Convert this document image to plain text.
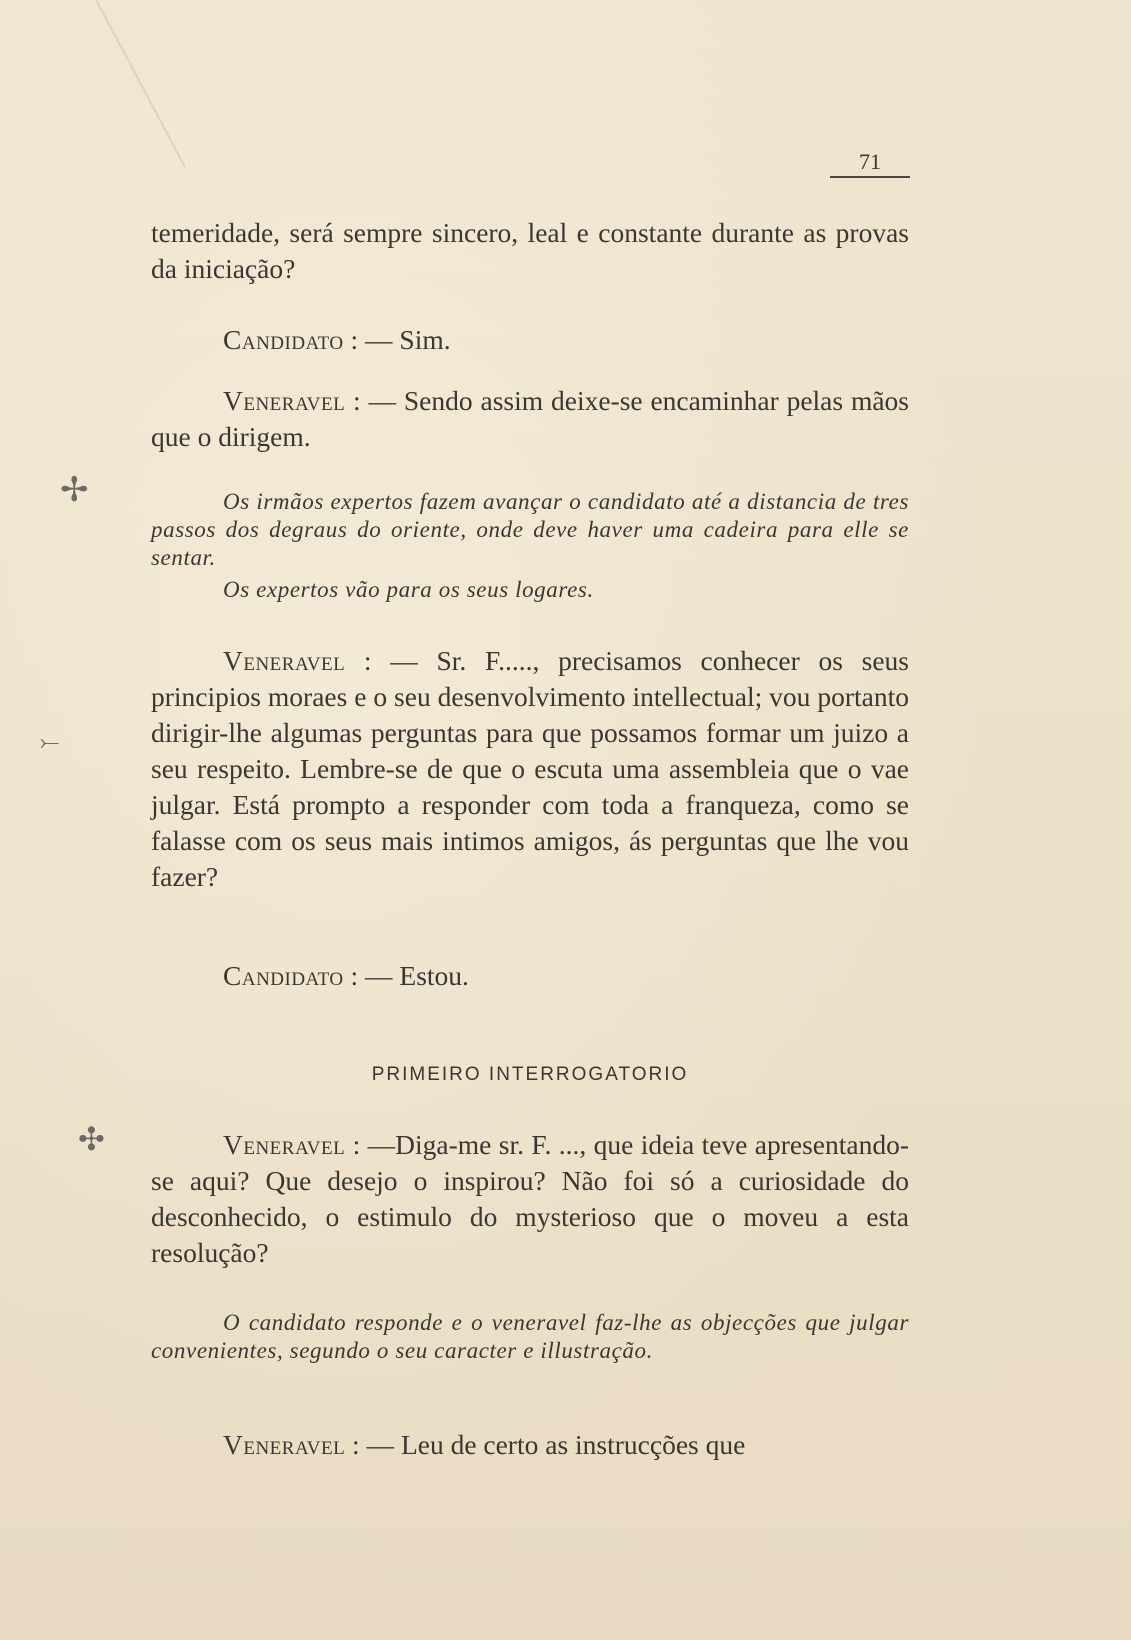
71

temeridade, será sempre sincero, leal e constante durante as provas da iniciação?

Candidato : — Sim.

Veneravel : — Sendo assim deixe-se encaminhar pelas mãos que o dirigem.

Os irmãos expertos fazem avançar o candidato até a distancia de tres passos dos degraus do oriente, onde deve haver uma cadeira para elle se sentar.

Os expertos vão para os seus logares.

Veneravel : — Sr. F....., precisamos conhecer os seus principios moraes e o seu desenvolvimento intellectual; vou portanto dirigir-lhe algumas perguntas para que possamos formar um juizo a seu respeito. Lembre-se de que o escuta uma assembleia que o vae julgar. Está prompto a responder com toda a franqueza, como se falasse com os seus mais intimos amigos, ás perguntas que lhe vou fazer?

Candidato : — Estou.

PRIMEIRO INTERROGATORIO

Veneravel : —Diga-me sr. F. ..., que ideia teve apresentando-se aqui? Que desejo o inspirou? Não foi só a curiosidade do desconhecido, o estimulo do mysterioso que o moveu a esta resolução?

O candidato responde e o veneravel faz-lhe as objecções que julgar convenientes, segundo o seu caracter e illustração.

Veneravel : — Leu de certo as instrucções que

✢
⤚
✣
